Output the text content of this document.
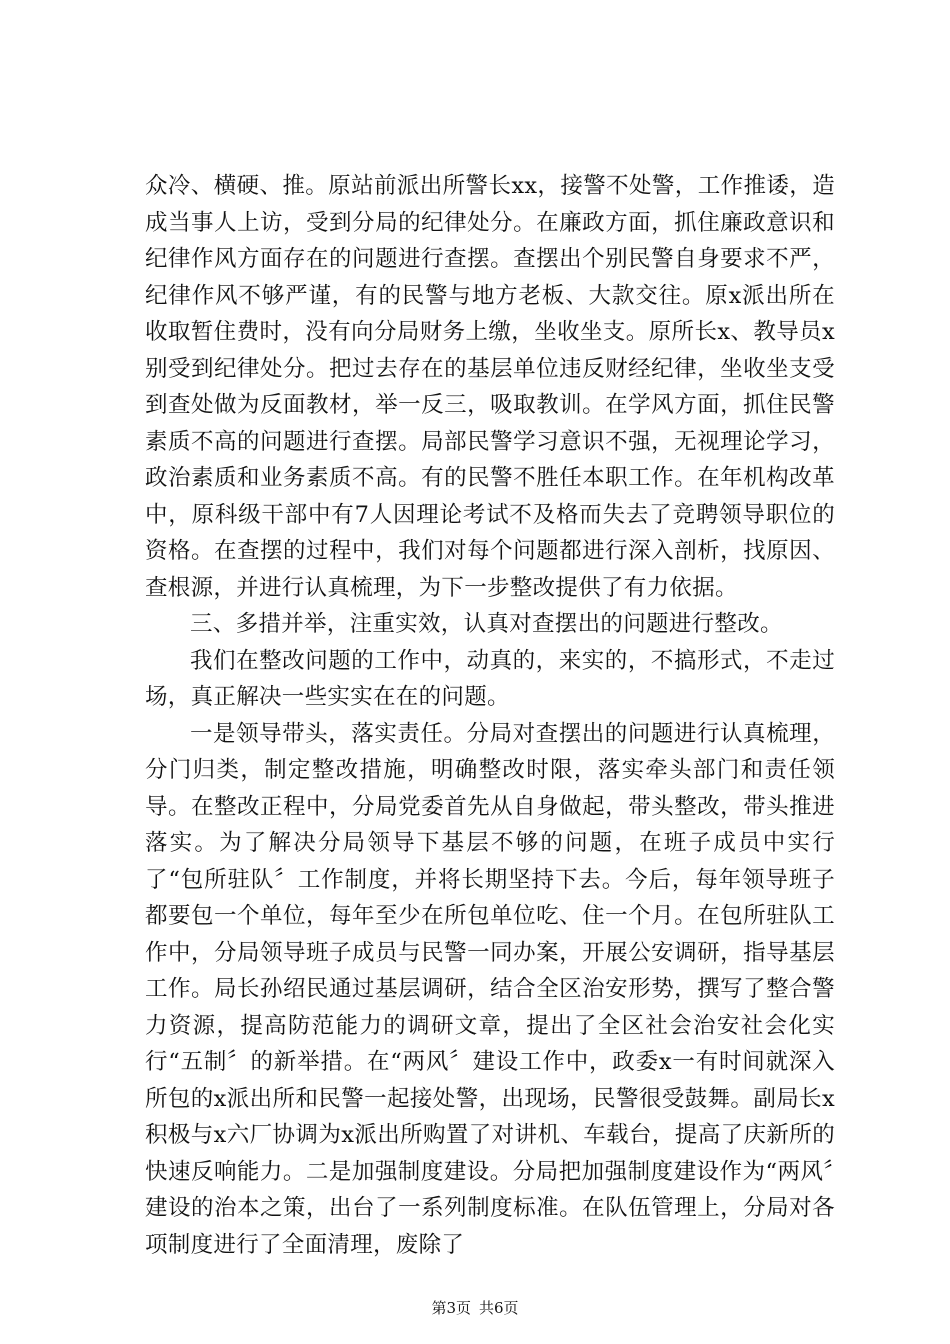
众冷、横硬、推。原站前派出所警长xx，接警不处警，工作推诿，造成当事人上访，受到分局的纪律处分。在廉政方面，抓住廉政意识和纪律作风方面存在的问题进行查摆。查摆出个别民警自身要求不严，纪律作风不够严谨，有的民警与地方老板、大款交往。原x派出所在收取暂住费时，没有向分局财务上缴，坐收坐支。原所长x、教导员x别受到纪律处分。把过去存在的基层单位违反财经纪律，坐收坐支受到查处做为反面教材，举一反三，吸取教训。在学风方面，抓住民警素质不高的问题进行查摆。局部民警学习意识不强，无视理论学习，政治素质和业务素质不高。有的民警不胜任本职工作。在年机构改革中，原科级干部中有7人因理论考试不及格而失去了竞聘领导职位的资格。在查摆的过程中，我们对每个问题都进行深入剖析，找原因、查根源，并进行认真梳理，为下一步整改提供了有力依据。

三、多措并举，注重实效，认真对查摆出的问题进行整改。

我们在整改问题的工作中，动真的，来实的，不搞形式，不走过场，真正解决一些实实在在的问题。

一是领导带头，落实责任。分局对查摆出的问题进行认真梳理，分门归类，制定整改措施，明确整改时限，落实牵头部门和责任领导。在整改正程中，分局党委首先从自身做起，带头整改，带头推进落实。为了解决分局领导下基层不够的问题，在班子成员中实行了“包所驻队〞工作制度，并将长期坚持下去。今后，每年领导班子都要包一个单位，每年至少在所包单位吃、住一个月。在包所驻队工作中，分局领导班子成员与民警一同办案，开展公安调研，指导基层工作。局长孙绍民通过基层调研，结合全区治安形势，撰写了整合警力资源，提高防范能力的调研文章，提出了全区社会治安社会化实行“五制〞的新举措。在“两风〞建设工作中，政委x一有时间就深入所包的x派出所和民警一起接处警，出现场，民警很受鼓舞。副局长x积极与x六厂协调为x派出所购置了对讲机、车载台，提高了庆新所的快速反响能力。二是加强制度建设。分局把加强制度建设作为“两风〞建设的治本之策，出台了一系列制度标准。在队伍管理上，分局对各项制度进行了全面清理，废除了

第3页 共6页
